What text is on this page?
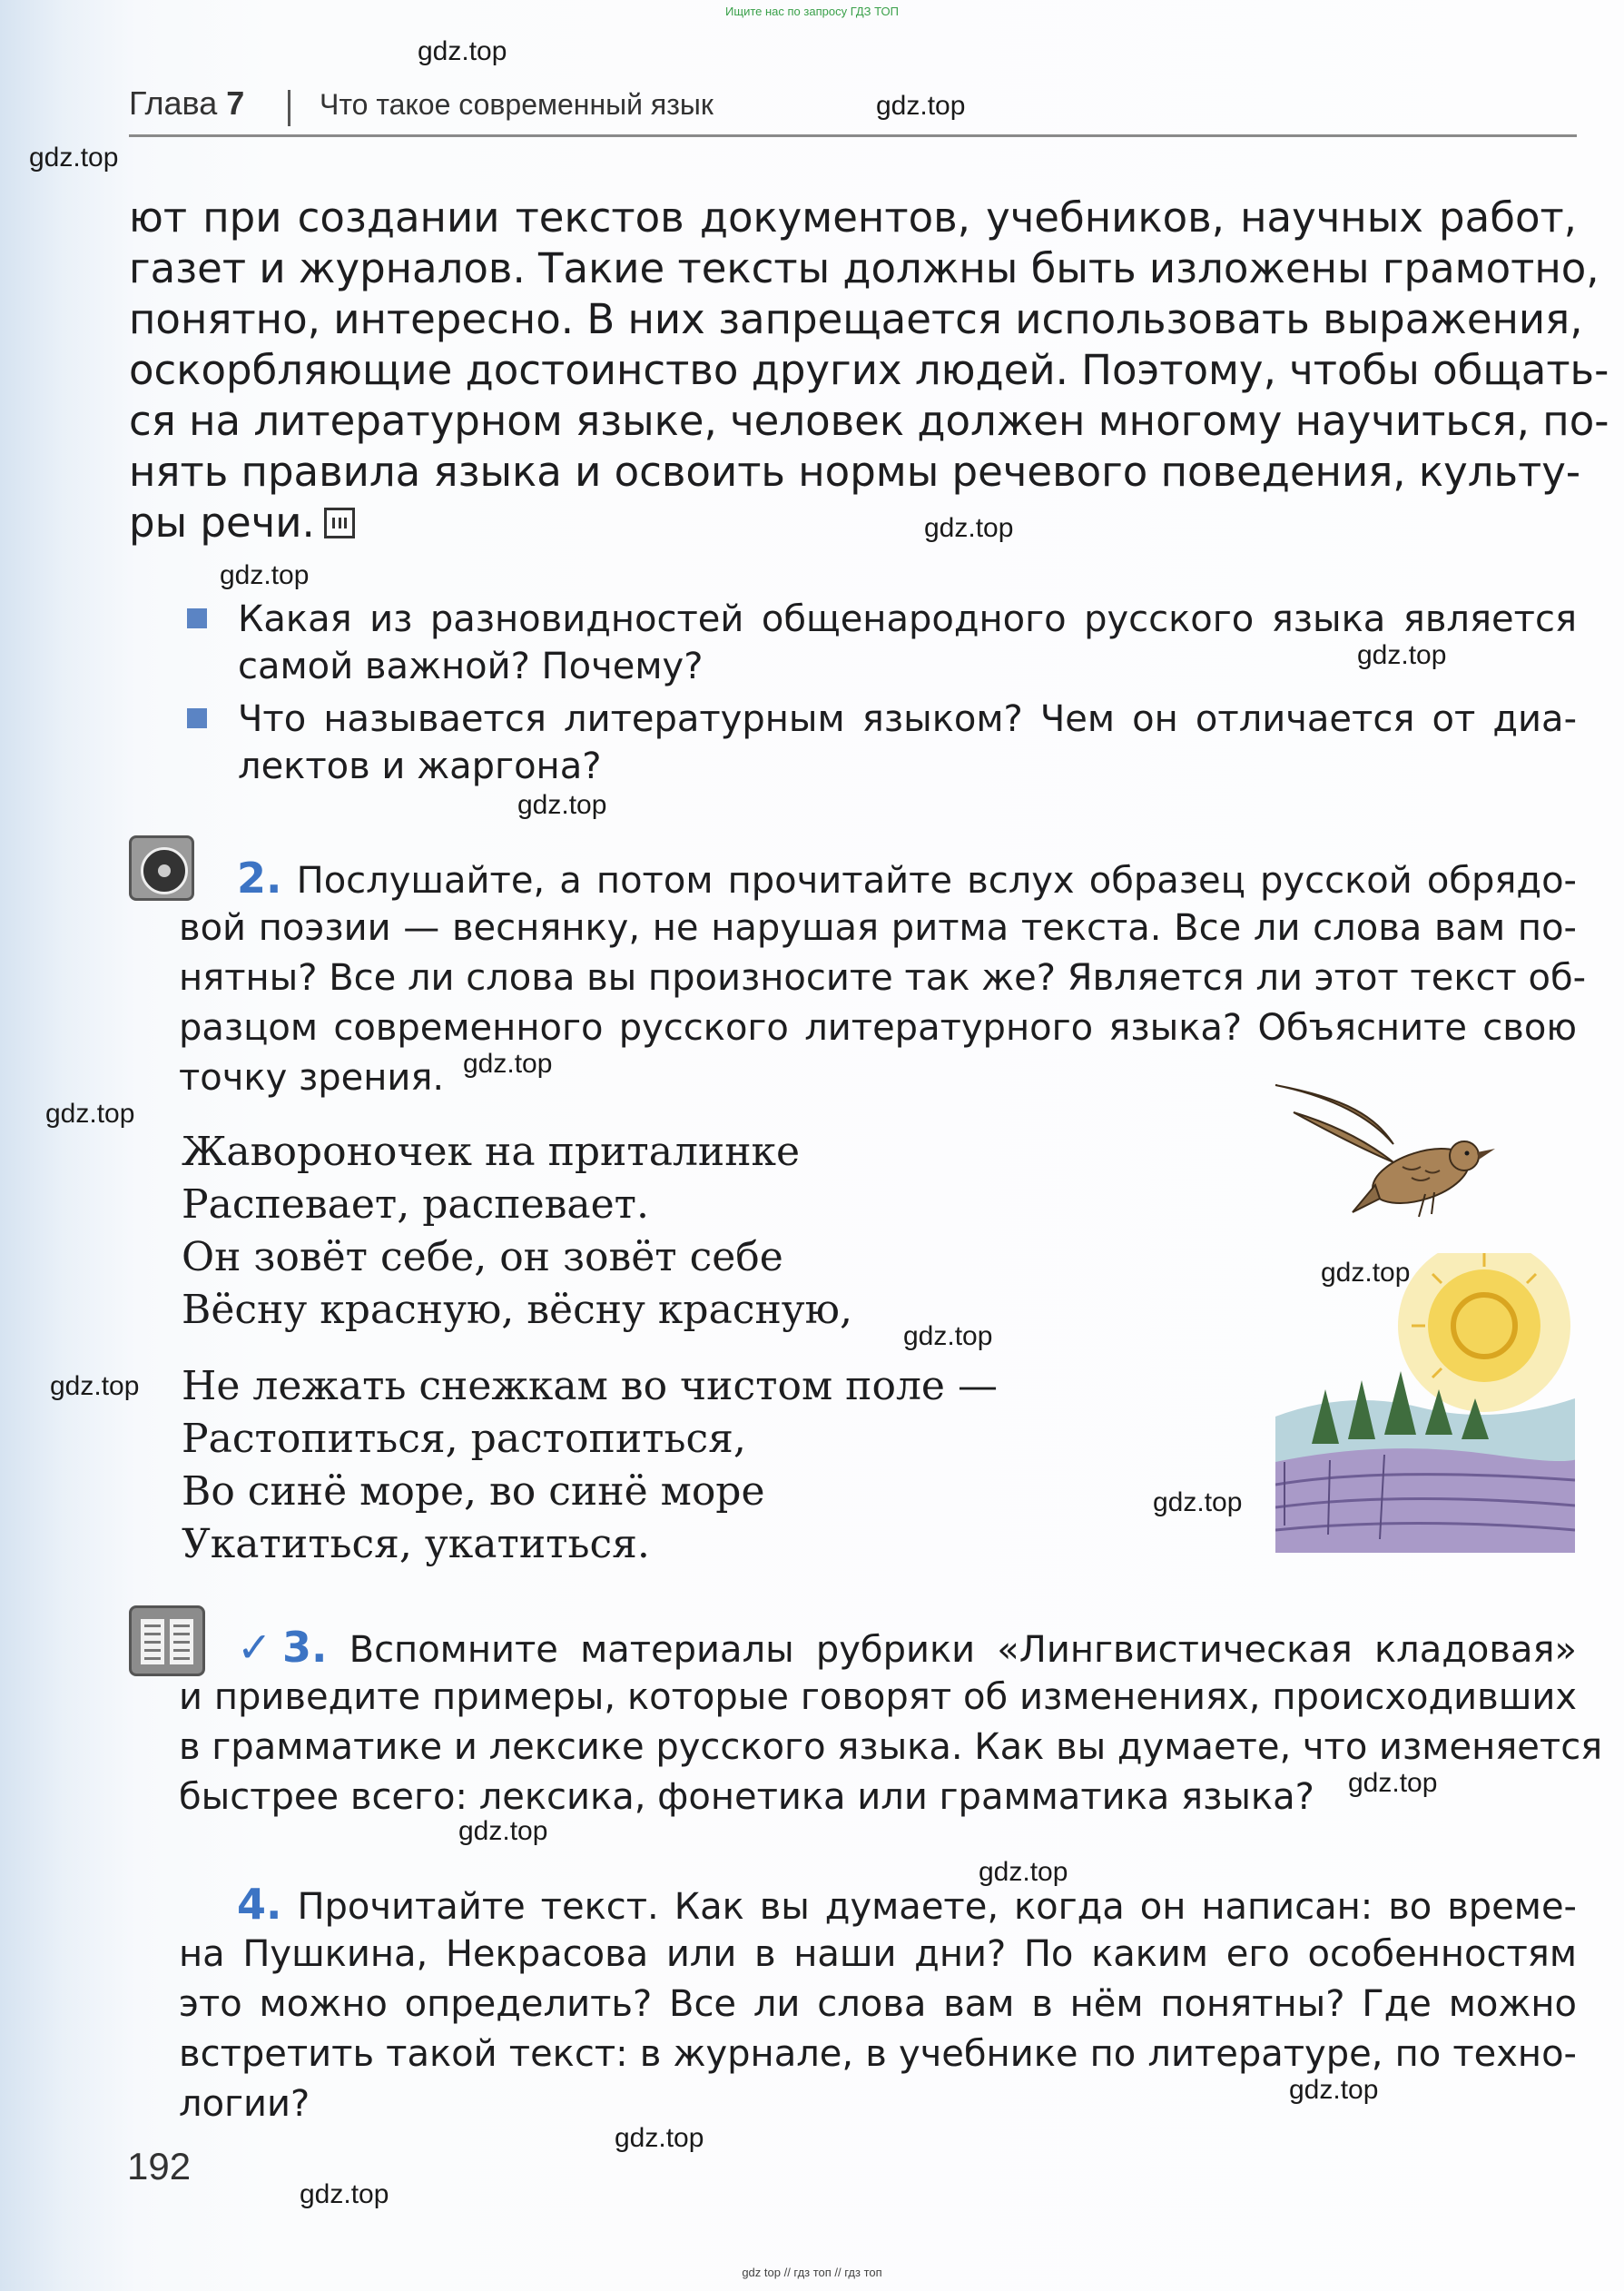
Ищите нас по запросу ГДЗ ТОП
gdz.top
gdz.top
gdz.top
gdz.top
gdz.top
gdz.top
gdz.top
gdz.top
gdz.top
gdz.top
gdz.top
gdz.top
gdz.top
gdz.top
gdz.top
gdz.top
gdz.top
gdz.top
gdz.top
Глава 7	Что такое современный язык
ют при создании текстов документов, учебников, научных работ,
газет и журналов. Такие тексты должны быть изложены грамотно,
понятно, интересно. В них запрещается использовать выражения,
оскорбляющие достоинство других людей. Поэтому, чтобы общать-
ся на литературном языке, человек должен многому научиться, по-
нять правила языка и освоить нормы речевого поведения, культу-
ры речи.
Какая из разновидностей общенародного русского языка является
самой важной? Почему?
Что называется литературным языком? Чем он отличается от диа-
лектов и жаргона?
2. Послушайте, а потом прочитайте вслух образец русской обрядо-
вой поэзии — веснянку, не нарушая ритма текста. Все ли слова вам по-
нятны? Все ли слова вы произносите так же? Является ли этот текст об-
разцом современного русского литературного языка? Объясните свою
точку зрения.
Жавороночек на приталинке
Распевает, распевает.
Он зовёт себе, он зовёт себе
Вёсну красную, вёсну красную,
Не лежать снежкам во чистом поле —
Растопиться, растопиться,
Во синё море, во синё море
Укатиться, укатиться.
✓3. Вспомните материалы рубрики «Лингвистическая кладовая»
и приведите примеры, которые говорят об изменениях, происходивших
в грамматике и лексике русского языка. Как вы думаете, что изменяется
быстрее всего: лексика, фонетика или грамматика языка?
4. Прочитайте текст. Как вы думаете, когда он написан: во време-
на Пушкина, Некрасова или в наши дни? По каким его особенностям
это можно определить? Все ли слова вам в нём понятны? Где можно
встретить такой текст: в журнале, в учебнике по литературе, по техно-
логии?
192
gdz top // гдз топ // гдз топ
